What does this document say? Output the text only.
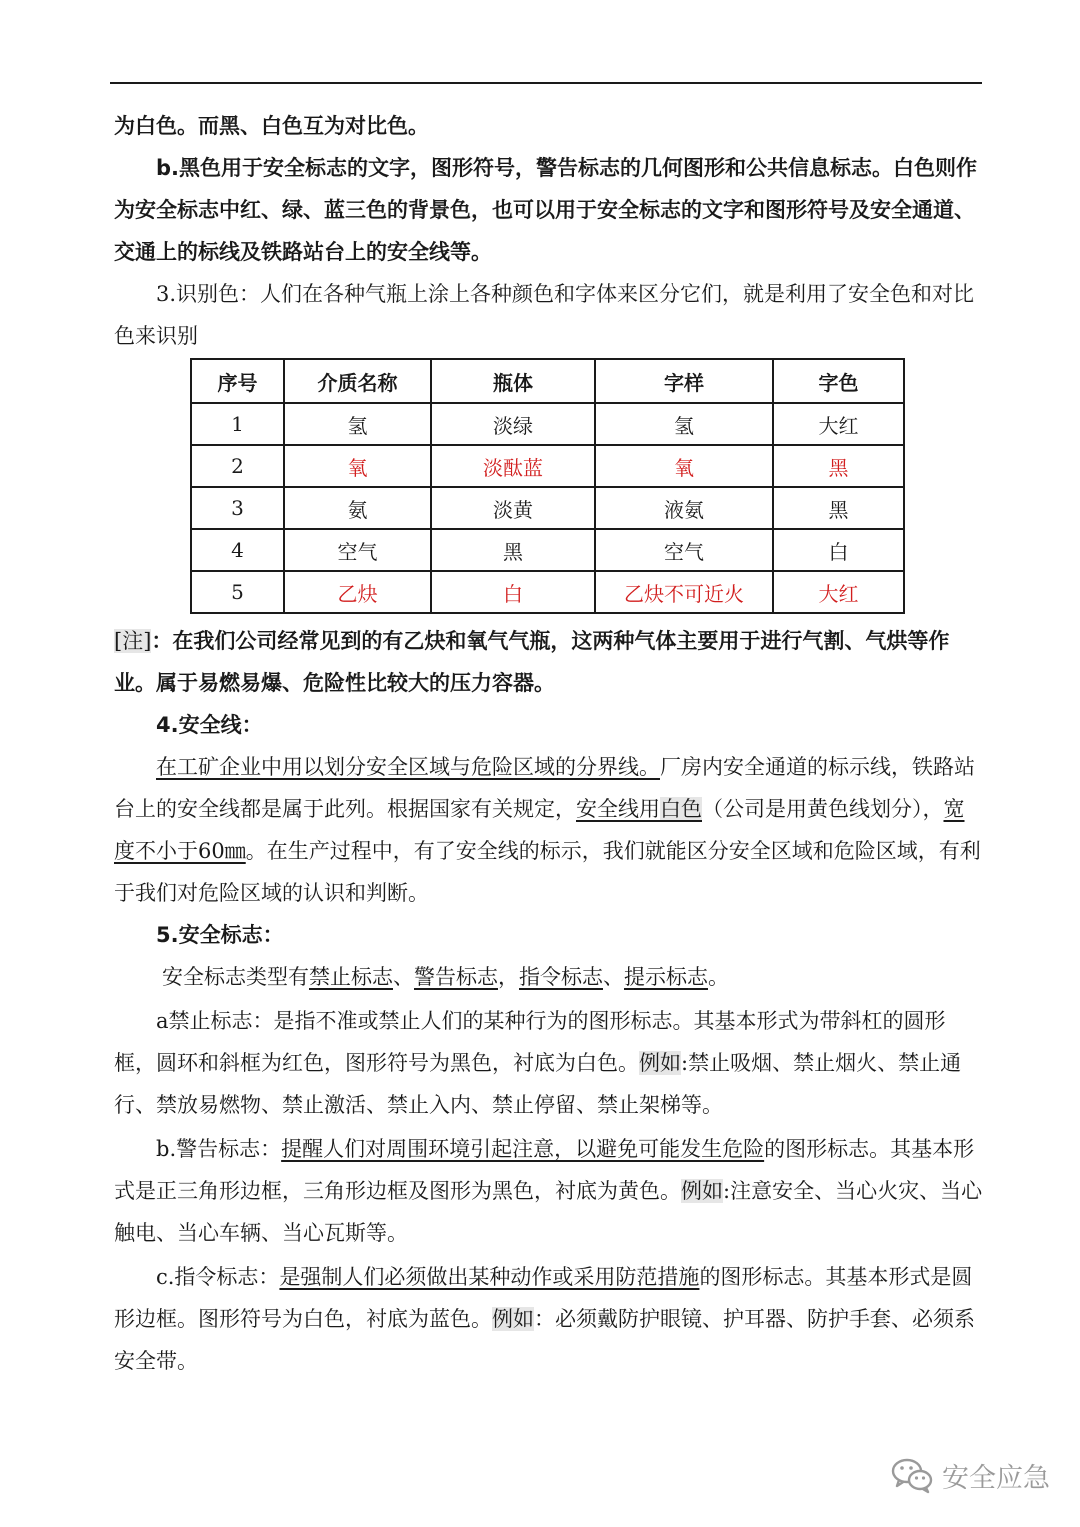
为白色。而黑、白色互为对比色。

b.黑色用于安全标志的文字，图形符号，警告标志的几何图形和公共信息标志。白色则作为安全标志中红、绿、蓝三色的背景色，也可以用于安全标志的文字和图形符号及安全通道、交通上的标线及铁路站台上的安全线等。

3.识别色：人们在各种气瓶上涂上各种颜色和字体来区分它们，就是利用了安全色和对比色来识别

序号	介质名称	瓶体	字样	字色
1	氢	淡绿	氢	大红
2	氧	淡酞蓝	氧	黑
3	氨	淡黄	液氨	黑
4	空气	黑	空气	白
5	乙炔	白	乙炔不可近火	大红

[注]：在我们公司经常见到的有乙炔和氧气气瓶，这两种气体主要用于进行气割、气烘等作业。属于易燃易爆、危险性比较大的压力容器。

4.安全线：

在工矿企业中用以划分安全区域与危险区域的分界线。厂房内安全通道的标示线，铁路站台上的安全线都是属于此列。根据国家有关规定，安全线用白色（公司是用黄色线划分），宽度不小于60㎜。在生产过程中，有了安全线的标示，我们就能区分安全区域和危险区域，有利于我们对危险区域的认识和判断。

5.安全标志：

安全标志类型有禁止标志、警告标志，指令标志、提示标志。

a禁止标志：是指不准或禁止人们的某种行为的图形标志。其基本形式为带斜杠的圆形框，圆环和斜框为红色，图形符号为黑色，衬底为白色。例如:禁止吸烟、禁止烟火、禁止通行、禁放易燃物、禁止激活、禁止入内、禁止停留、禁止架梯等。

b.警告标志：提醒人们对周围环境引起注意，以避免可能发生危险的图形标志。其基本形式是正三角形边框，三角形边框及图形为黑色，衬底为黄色。例如:注意安全、当心火灾、当心触电、当心车辆、当心瓦斯等。

c.指令标志：是强制人们必须做出某种动作或采用防范措施的图形标志。其基本形式是圆形边框。图形符号为白色，衬底为蓝色。例如：必须戴防护眼镜、护耳器、防护手套、必须系安全带。

安全应急
